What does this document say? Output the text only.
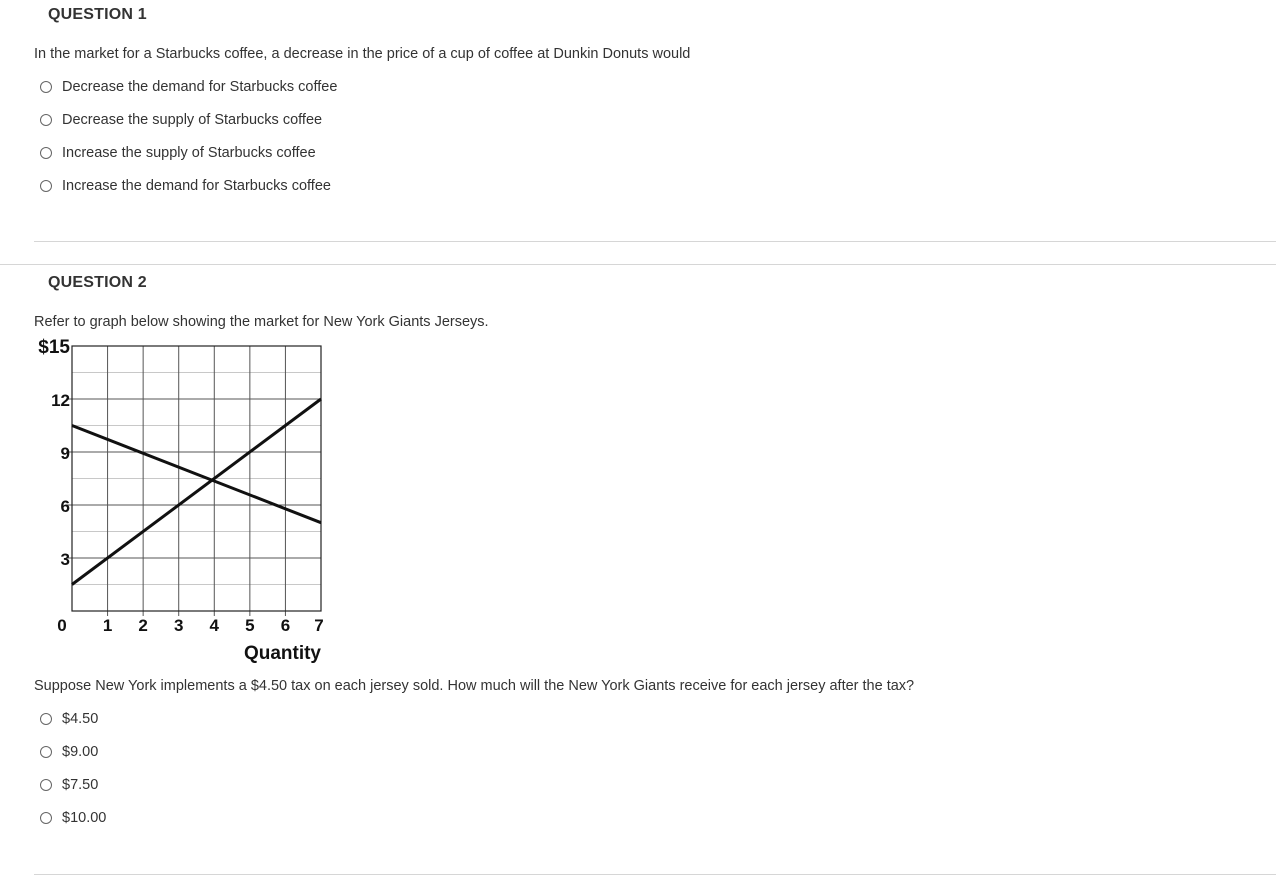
QUESTION 1
In the market for a Starbucks coffee, a decrease in the price of a cup of coffee at Dunkin Donuts would
Decrease the demand for Starbucks coffee
Decrease the supply of Starbucks coffee
Increase the supply of Starbucks coffee
Increase the demand for Starbucks coffee
QUESTION 2
Refer to graph below showing the market for New York Giants Jerseys.
$15
12
9
6
3
0 1 2 3 4 5 6 7
Quantity
Suppose New York implements a $4.50 tax on each jersey sold. How much will the New York Giants receive for each jersey after the tax?
$4.50
$9.00
$7.50
$10.00
